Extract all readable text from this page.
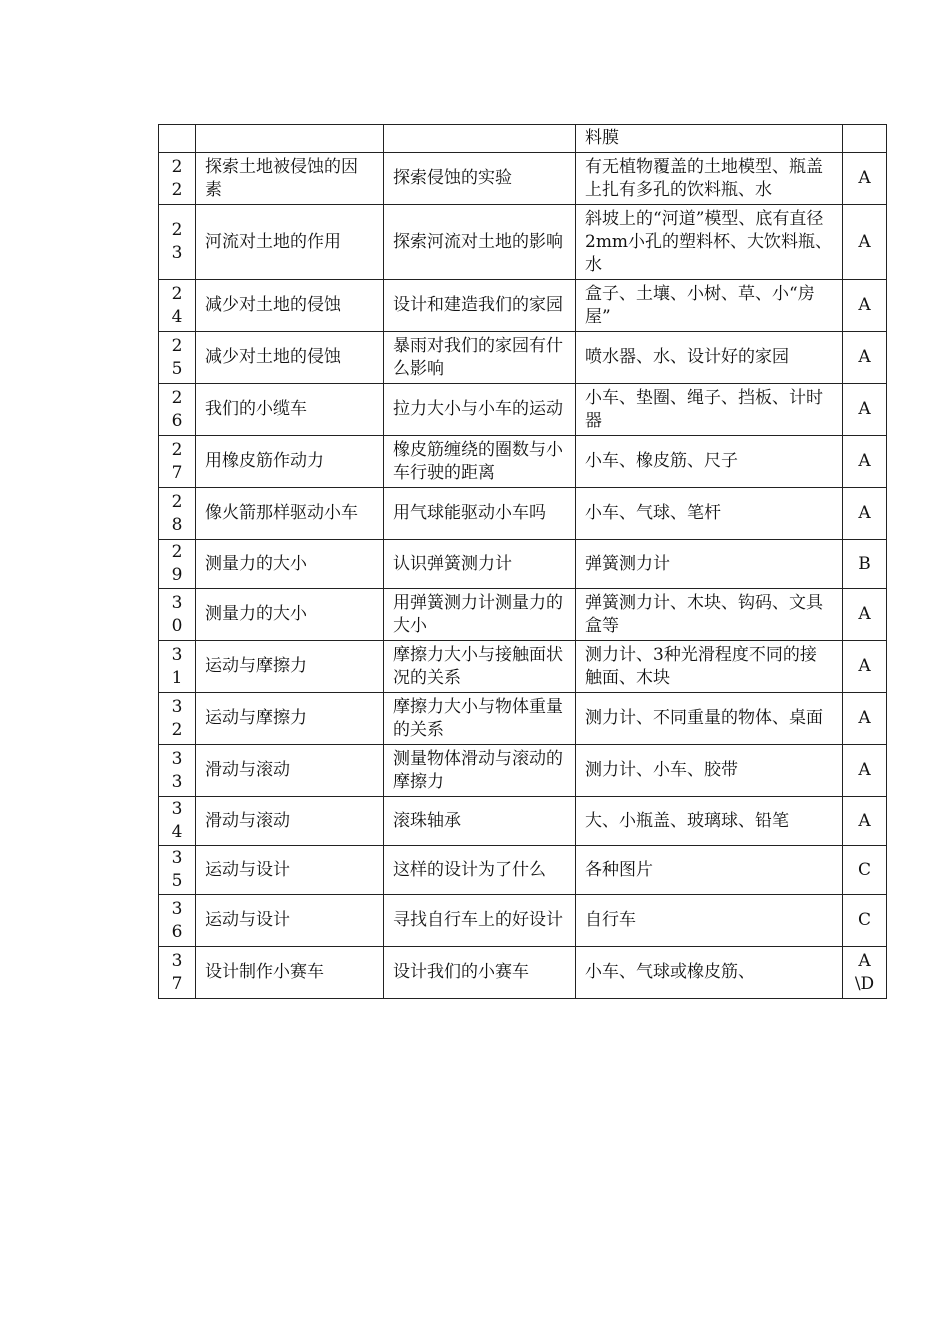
			料膜	
22	探索土地被侵蚀的因素	探索侵蚀的实验	有无植物覆盖的土地模型、瓶盖上扎有多孔的饮料瓶、水	A
23	河流对土地的作用	探索河流对土地的影响	斜坡上的“河道”模型、底有直径2mm小孔的塑料杯、大饮料瓶、水	A
24	减少对土地的侵蚀	设计和建造我们的家园	盒子、土壤、小树、草、小“房屋”	A
25	减少对土地的侵蚀	暴雨对我们的家园有什么影响	喷水器、水、设计好的家园	A
26	我们的小缆车	拉力大小与小车的运动	小车、垫圈、绳子、挡板、计时器	A
27	用橡皮筋作动力	橡皮筋缠绕的圈数与小车行驶的距离	小车、橡皮筋、尺子	A
28	像火箭那样驱动小车	用气球能驱动小车吗	小车、气球、笔杆	A
29	测量力的大小	认识弹簧测力计	弹簧测力计	B
30	测量力的大小	用弹簧测力计测量力的大小	弹簧测力计、木块、钩码、文具盒等	A
31	运动与摩擦力	摩擦力大小与接触面状况的关系	测力计、3种光滑程度不同的接触面、木块	A
32	运动与摩擦力	摩擦力大小与物体重量的关系	测力计、不同重量的物体、桌面	A
33	滑动与滚动	测量物体滑动与滚动的摩擦力	测力计、小车、胶带	A
34	滑动与滚动	滚珠轴承	大、小瓶盖、玻璃球、铅笔	A
35	运动与设计	这样的设计为了什么	各种图片	C
36	运动与设计	寻找自行车上的好设计	自行车	C
37	设计制作小赛车	设计我们的小赛车	小车、气球或橡皮筋、	A\D
